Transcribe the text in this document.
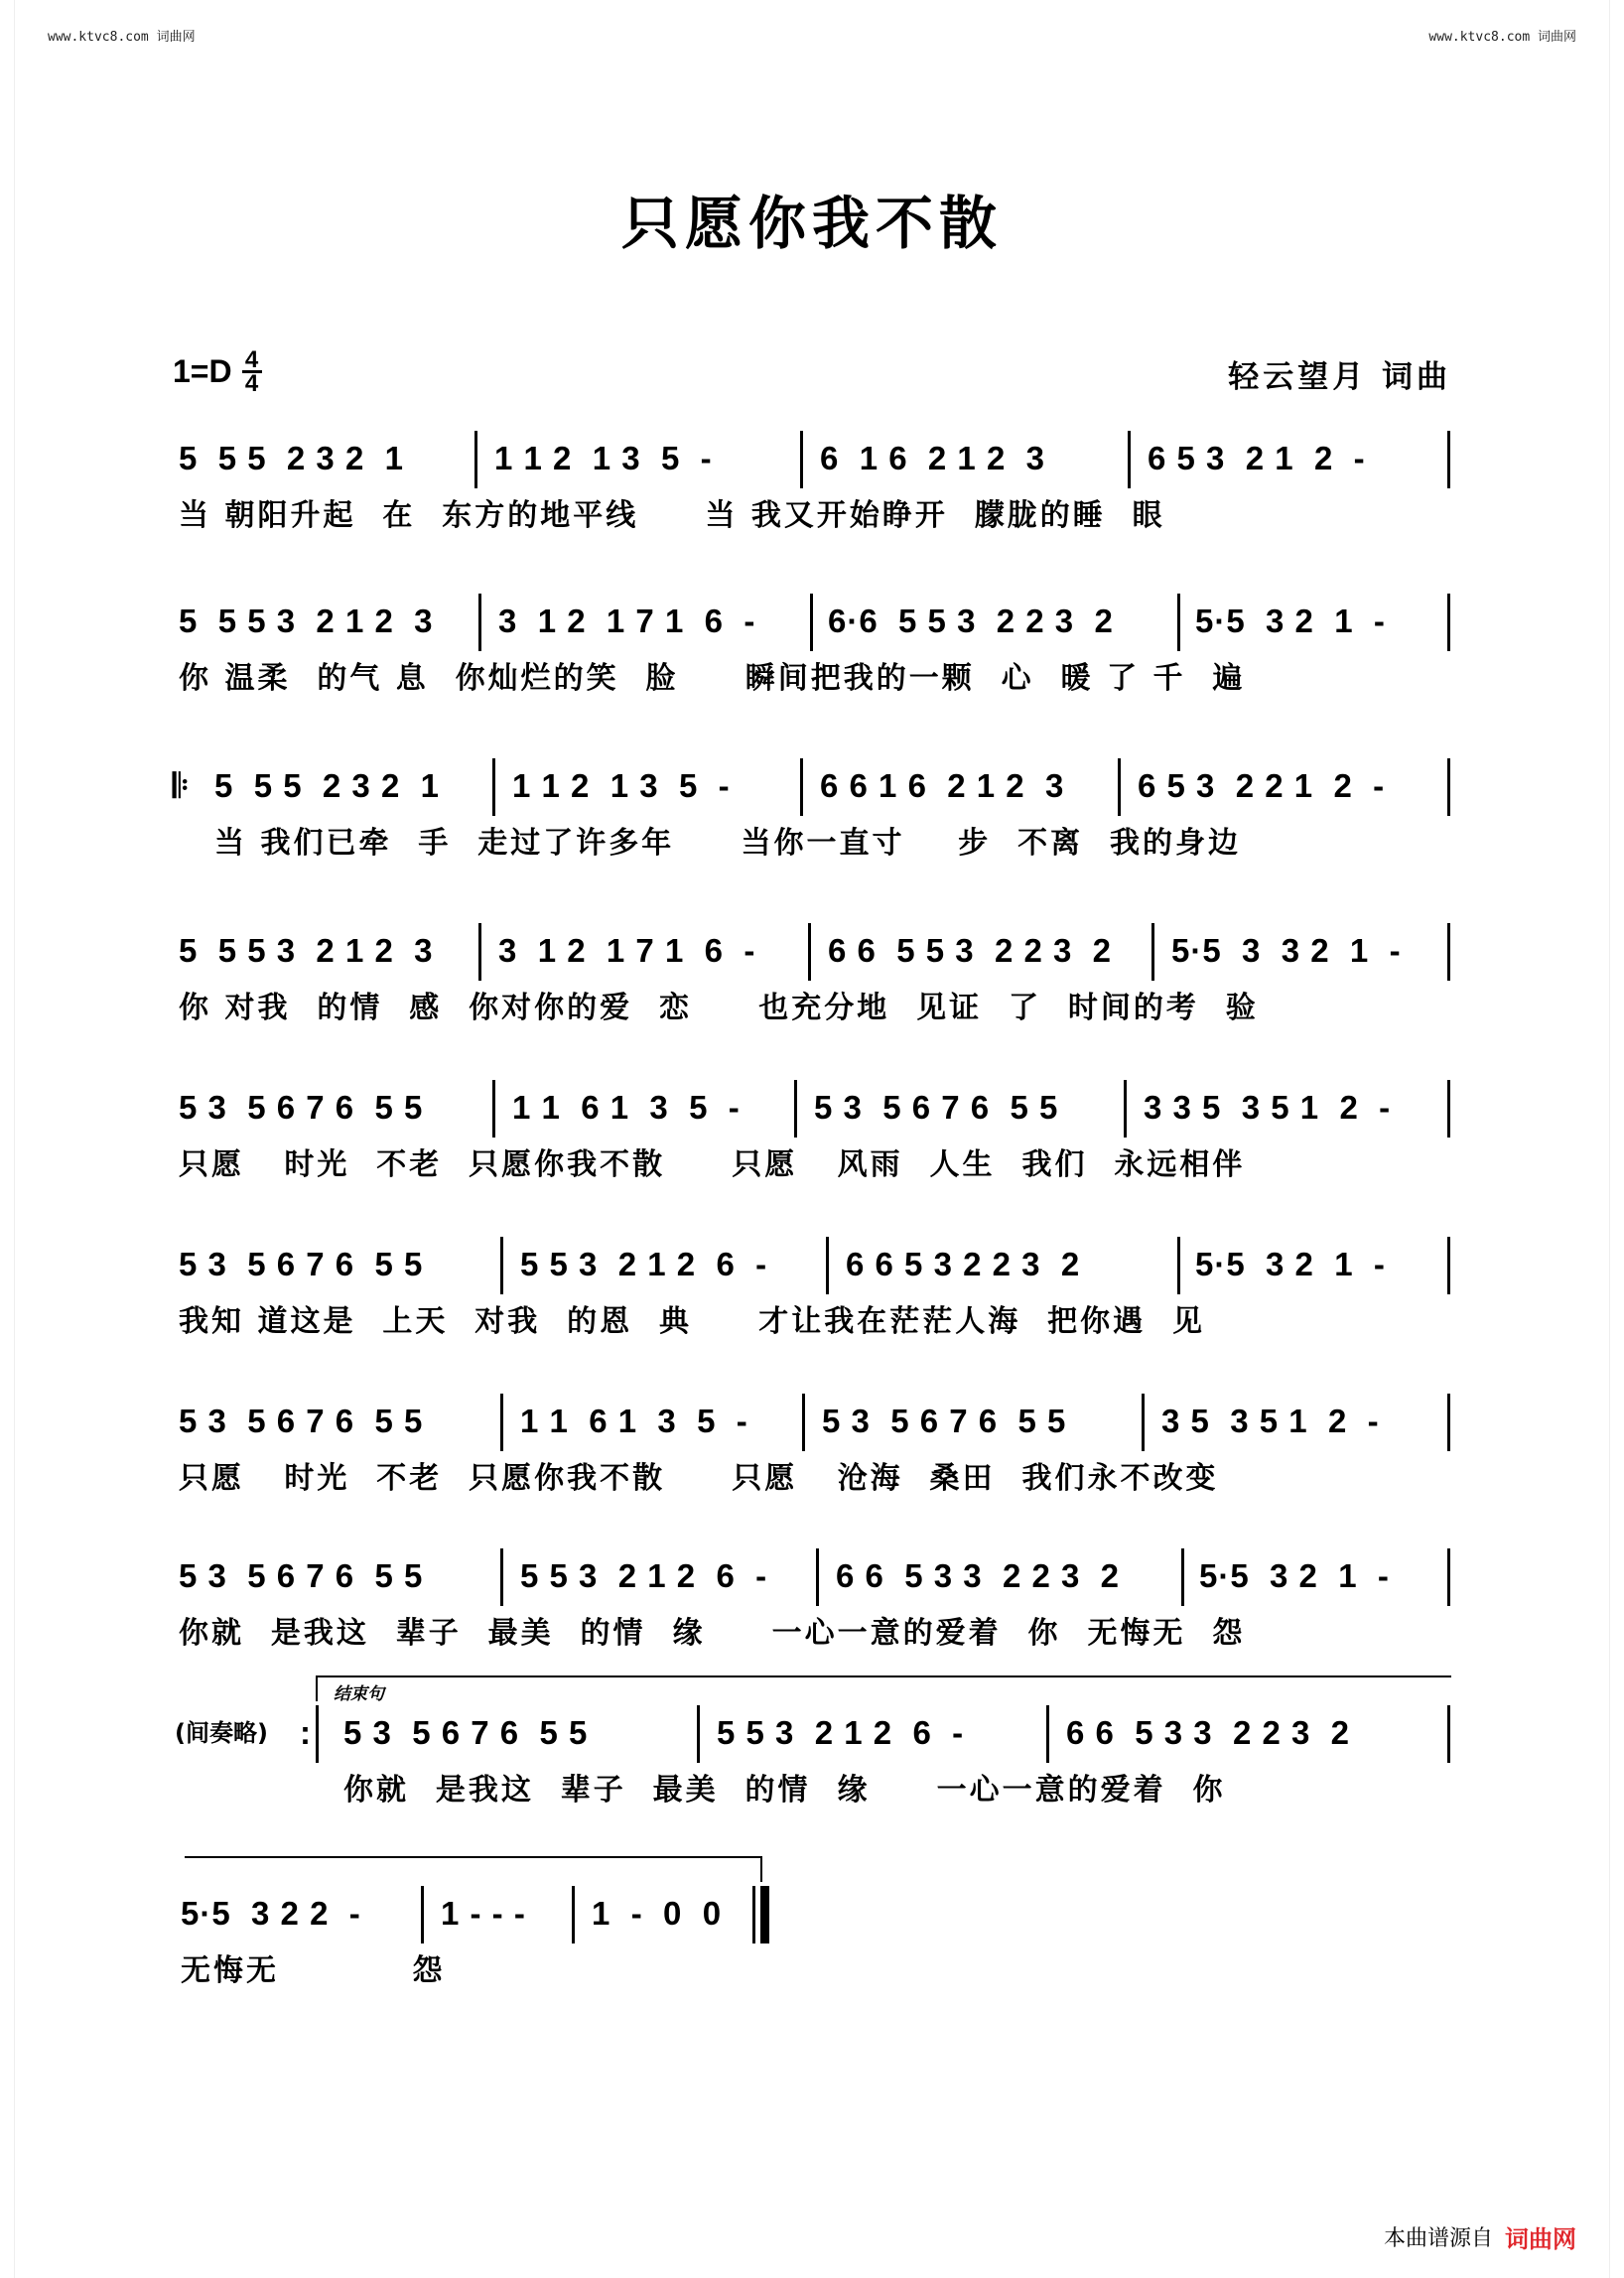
www.ktvc8.com 词曲网	www.ktvc8.com 词曲网
只愿你我不散
$1=D \frac{4}{4}$	轻云望月 词曲
5  5 5  2 3 2  1	1 1 2  1 3  5  -	6  1 6  2 1 2  3	6 5 3  2 1  2  -
当 朝阳升起  在  东方的地平线     当 我又开始睁开  朦胧的睡  眼
5  5 5 3  2 1 2  3 3  1 2  1 7 1  6  - 6·6  5 5 3  2 2 3  2 5·5  3 2  1  -
你 温柔  的气 息  你灿烂的笑  脸     瞬间把我的一颗  心  暖 了 千  遍
𝄆 5  5 5  2 3 2  1 1 1 2  1 3  5  -	6 6 1 6  2 1 2  3 6 5 3  2 2 1  2  -
当 我们已牵  手  走过了许多年     当你一直寸    步  不离  我的身边
5  5 5 3  2 1 2  3 3  1 2  1 7 1  6  - 6 6  5 5 3  2 2 3  2 5·5  3  3 2  1  -
你 对我  的情  感  你对你的爱  恋     也充分地  见证  了  时间的考  验
5 3  5 6 7 6  5 5	1 1  6 1  3  5  - 5 3  5 6 7 6  5 5	3 3 5  3 5 1  2  -
只愿   时光  不老  只愿你我不散     只愿   风雨  人生  我们  永远相伴
5 3  5 6 7 6  5 5	5 5 3  2 1 2  6  - 6 6 5 3 2 2 3  2	5·5  3 2  1  -
我知 道这是  上天  对我  的恩  典     才让我在茫茫人海  把你遇  见
5 3  5 6 7 6  5 5	1 1  6 1  3  5  - 5 3  5 6 7 6  5 5	3 5  3 5 1  2  -
只愿   时光  不老  只愿你我不散     只愿   沧海  桑田  我们永不改变
5 3  5 6 7 6  5 5	5 5 3  2 1 2  6  - 6 6  5 3 3  2 2 3  2 5·5  3 2  1  -
你就  是我这  辈子  最美  的情  缘     一心一意的爱着  你  无悔无  怨
结束句
(间奏略) : 5 3  5 6 7 6  5 5	5 5 3  2 1 2  6  -	6 6  5 3 3  2 2 3  2
你就  是我这  辈子  最美  的情  缘     一心一意的爱着  你
5·5  3 2 2  - 1 - - - 1  -  0  0
无悔无          怨
本曲谱源自 词曲网
